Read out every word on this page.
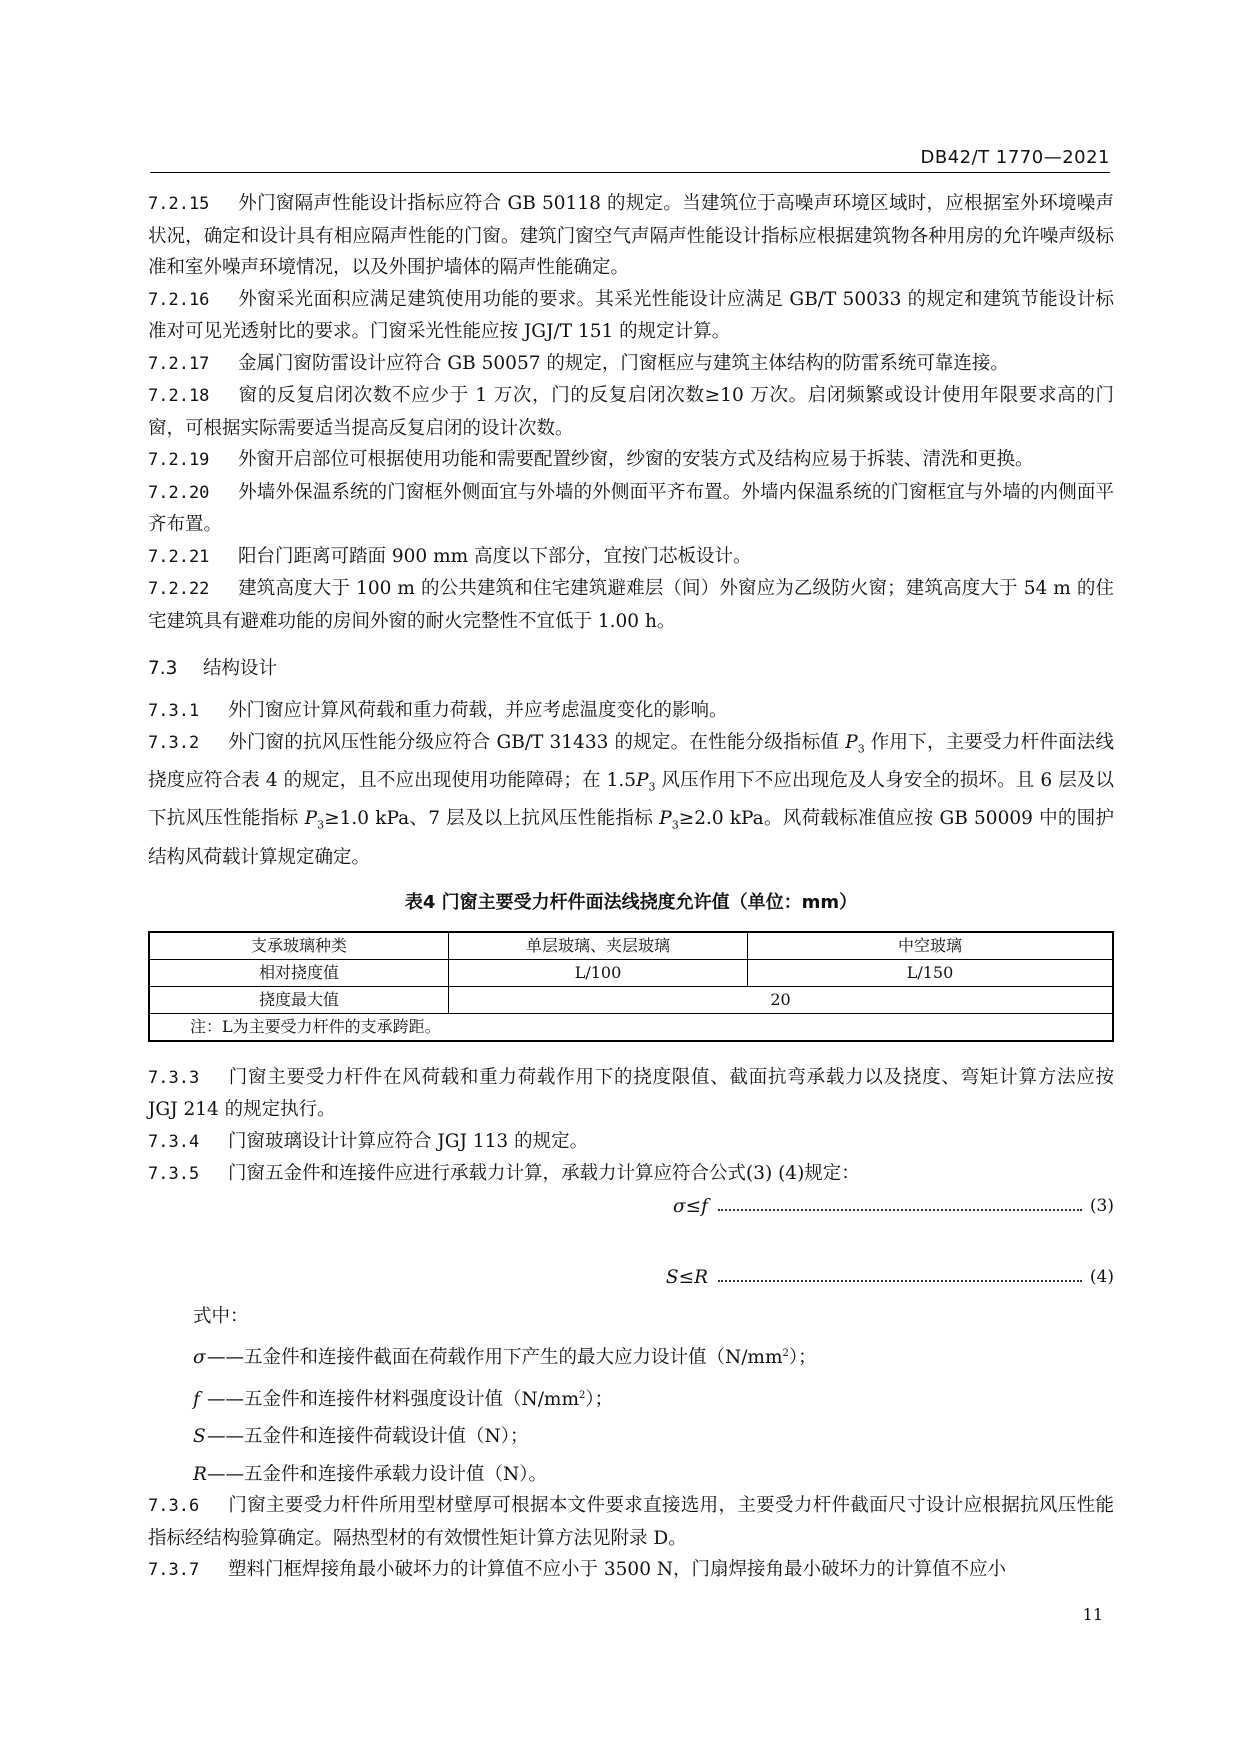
DB42/T 1770—2021

7.2.15 外门窗隔声性能设计指标应符合 GB 50118 的规定。当建筑位于高噪声环境区域时，应根据室外环境噪声状况，确定和设计具有相应隔声性能的门窗。建筑门窗空气声隔声性能设计指标应根据建筑物各种用房的允许噪声级标准和室外噪声环境情况，以及外围护墙体的隔声性能确定。

7.2.16 外窗采光面积应满足建筑使用功能的要求。其采光性能设计应满足 GB/T 50033 的规定和建筑节能设计标准对可见光透射比的要求。门窗采光性能应按 JGJ/T 151 的规定计算。

7.2.17 金属门窗防雷设计应符合 GB 50057 的规定，门窗框应与建筑主体结构的防雷系统可靠连接。

7.2.18 窗的反复启闭次数不应少于 1 万次，门的反复启闭次数≥10 万次。启闭频繁或设计使用年限要求高的门窗，可根据实际需要适当提高反复启闭的设计次数。

7.2.19 外窗开启部位可根据使用功能和需要配置纱窗，纱窗的安装方式及结构应易于拆装、清洗和更换。

7.2.20 外墙外保温系统的门窗框外侧面宜与外墙的外侧面平齐布置。外墙内保温系统的门窗框宜与外墙的内侧面平齐布置。

7.2.21 阳台门距离可踏面 900 mm 高度以下部分，宜按门芯板设计。

7.2.22 建筑高度大于 100 m 的公共建筑和住宅建筑避难层（间）外窗应为乙级防火窗；建筑高度大于 54 m 的住宅建筑具有避难功能的房间外窗的耐火完整性不宜低于 1.00 h。

7.3 结构设计

7.3.1 外门窗应计算风荷载和重力荷载，并应考虑温度变化的影响。

7.3.2 外门窗的抗风压性能分级应符合 GB/T 31433 的规定。在性能分级指标值 $P_3$ 作用下，主要受力杆件面法线挠度应符合表 4 的规定，且不应出现使用功能障碍；在 $1.5P_3$ 风压作用下不应出现危及人身安全的损坏。且 6 层及以下抗风压性能指标 $P_3\ge 1.0$ kPa、7 层及以上抗风压性能指标 $P_3\ge 2.0$ kPa。风荷载标准值应按 GB 50009 中的围护结构风荷载计算规定确定。

表4 门窗主要受力杆件面法线挠度允许值（单位：mm）
支承玻璃种类	单层玻璃、夹层玻璃	中空玻璃
相对挠度值	L/100	L/150
挠度最大值	20	
注：L为主要受力杆件的支承跨距。		

7.3.3 门窗主要受力杆件在风荷载和重力荷载作用下的挠度限值、截面抗弯承载力以及挠度、弯矩计算方法应按 JGJ 214 的规定执行。

7.3.4 门窗玻璃设计计算应符合 JGJ 113 的规定。

7.3.5 门窗五金件和连接件应进行承载力计算，承载力计算应符合公式(3) (4)规定：

σ≤f	(3)
S≤R	(4)

式中：

σ——五金件和连接件截面在荷载作用下产生的最大应力设计值$(N/mm^2)$；

f ——五金件和连接件材料强度设计值$(N/mm^2)$；

S——五金件和连接件荷载设计值（N）；

R——五金件和连接件承载力设计值（N）。

7.3.6 门窗主要受力杆件所用型材壁厚可根据本文件要求直接选用，主要受力杆件截面尺寸设计应根据抗风压性能指标经结构验算确定。隔热型材的有效惯性矩计算方法见附录 D。

7.3.7 塑料门框焊接角最小破坏力的计算值不应小于 3500 N，门扇焊接角最小破坏力的计算值不应小

11
